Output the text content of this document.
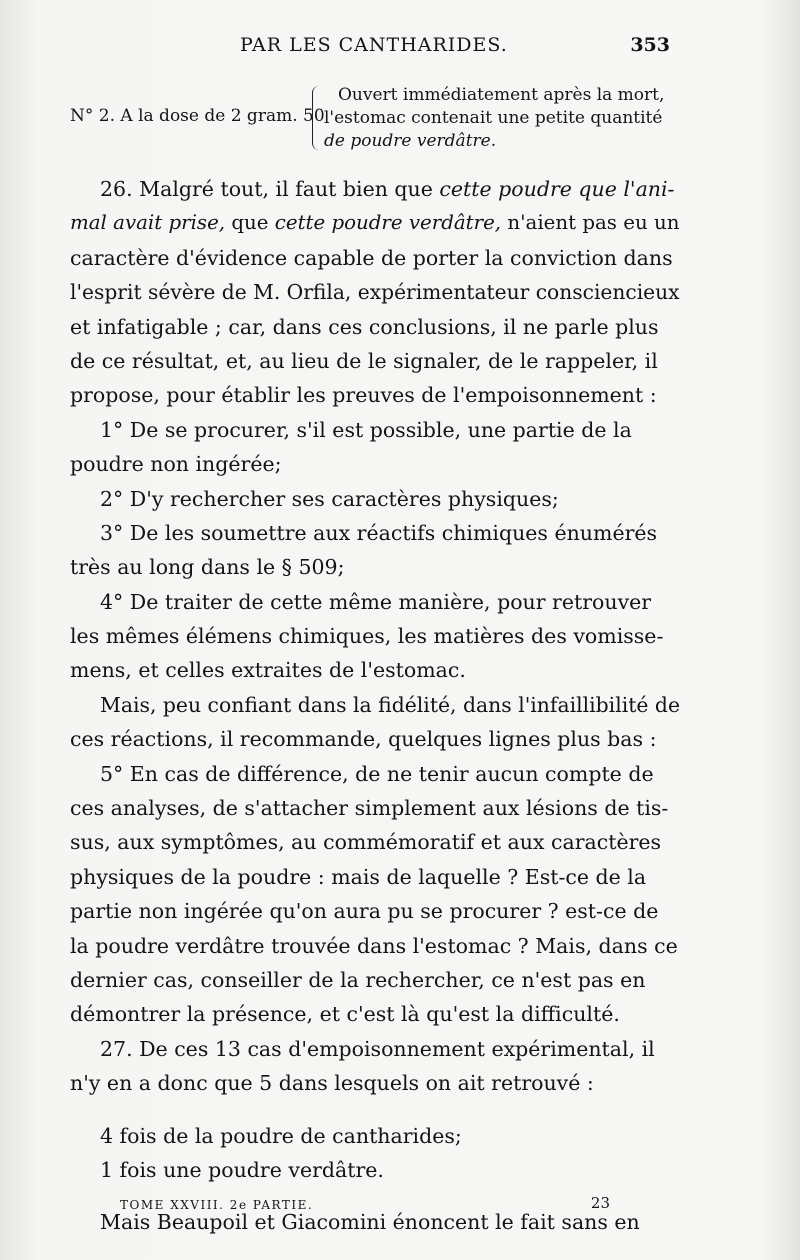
PAR LES CANTHARIDES.	353
N° 2. A la dose de 2 gram. 50
Ouvert immédiatement après la mort,
l'estomac contenait une petite quantité
de poudre verdâtre.
26. Malgré tout, il faut bien que cette poudre que l'ani-
mal avait prise, que cette poudre verdâtre, n'aient pas eu un
caractère d'évidence capable de porter la conviction dans
l'esprit sévère de M. Orfila, expérimentateur consciencieux
et infatigable ; car, dans ces conclusions, il ne parle plus
de ce résultat, et, au lieu de le signaler, de le rappeler, il
propose, pour établir les preuves de l'empoisonnement :
1° De se procurer, s'il est possible, une partie de la
poudre non ingérée;
2° D'y rechercher ses caractères physiques;
3° De les soumettre aux réactifs chimiques énumérés
très au long dans le § 509;
4° De traiter de cette même manière, pour retrouver
les mêmes élémens chimiques, les matières des vomisse-
mens, et celles extraites de l'estomac.
Mais, peu confiant dans la fidélité, dans l'infaillibilité de
ces réactions, il recommande, quelques lignes plus bas :
5° En cas de différence, de ne tenir aucun compte de
ces analyses, de s'attacher simplement aux lésions de tis-
sus, aux symptômes, au commémoratif et aux caractères
physiques de la poudre : mais de laquelle ? Est-ce de la
partie non ingérée qu'on aura pu se procurer ? est-ce de
la poudre verdâtre trouvée dans l'estomac ? Mais, dans ce
dernier cas, conseiller de la rechercher, ce n'est pas en
démontrer la présence, et c'est là qu'est la difficulté.
27. De ces 13 cas d'empoisonnement expérimental, il
n'y en a donc que 5 dans lesquels on ait retrouvé :
4 fois de la poudre de cantharides;
1 fois une poudre verdâtre.
Mais Beaupoil et Giacomini énoncent le fait sans en
TOME XXVIII. 2e PARTIE.	23
